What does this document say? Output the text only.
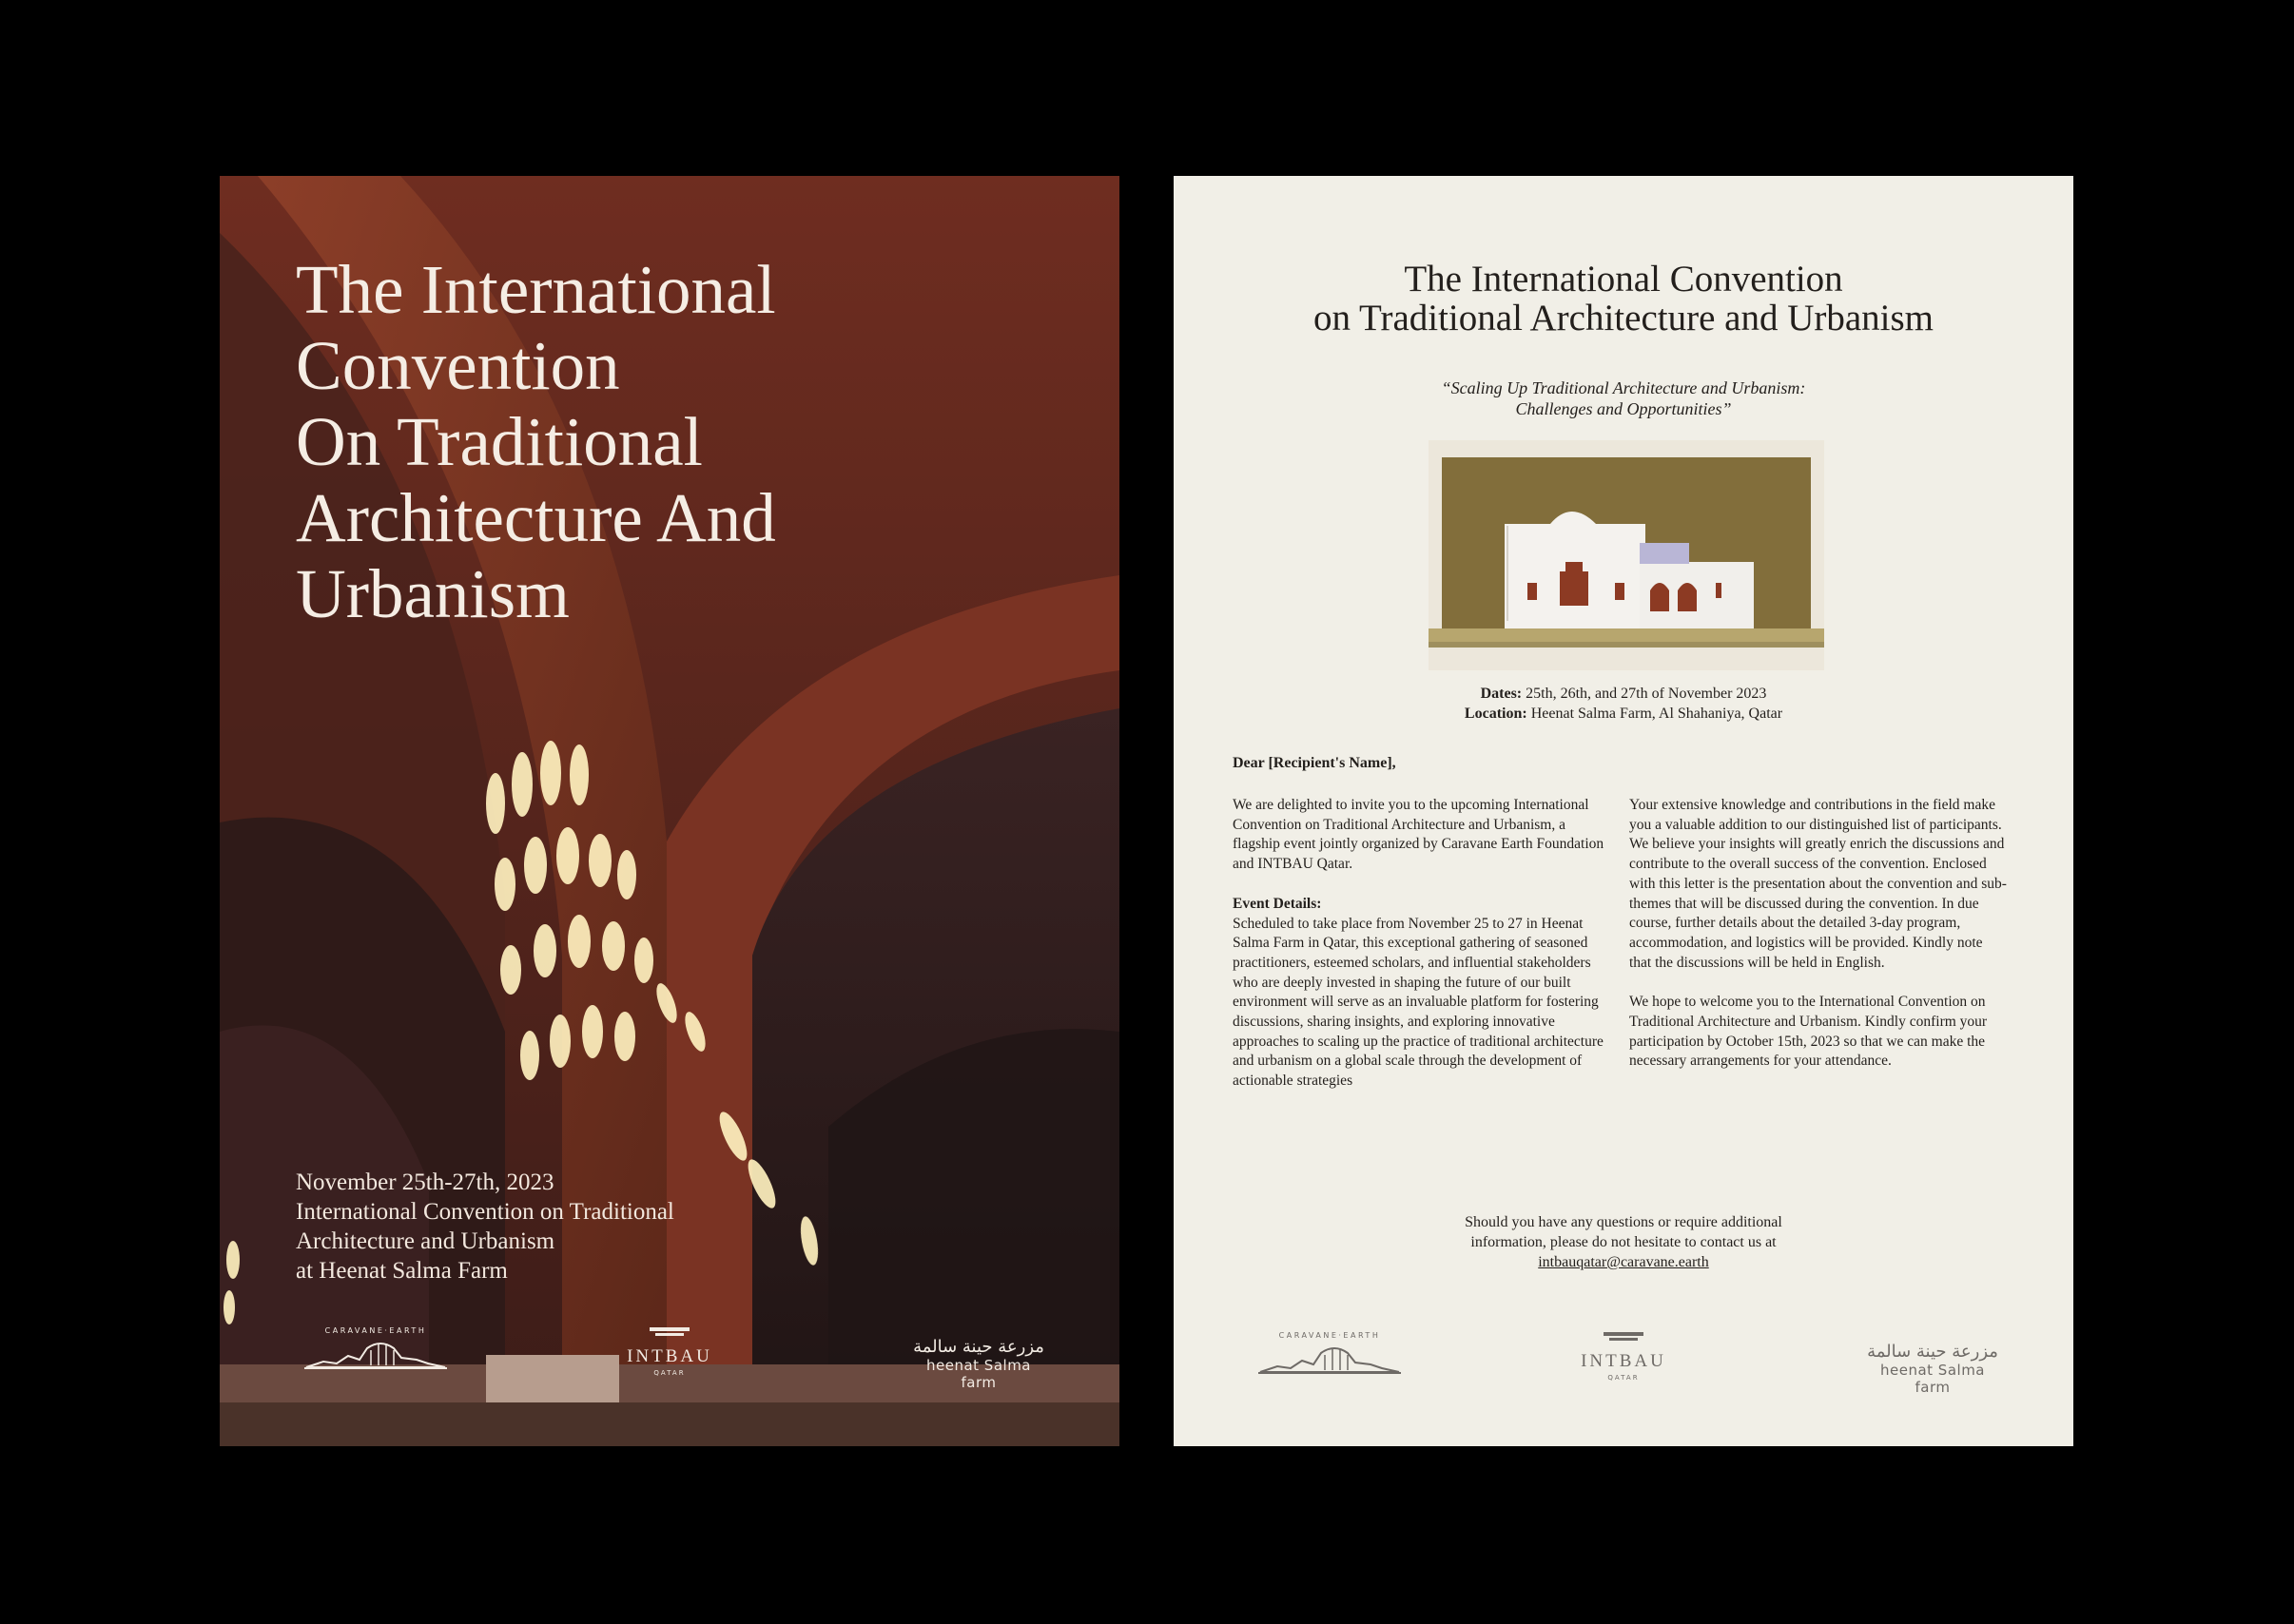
The International
Convention
On Traditional
Architecture And
Urbanism
November 25th-27th, 2023
International Convention on Traditional
Architecture and Urbanism
at Heenat Salma Farm
CARAVANE·EARTH
INTBAU
QATAR
مزرعة حينة سالمة
heenat Salma farm
The International Convention
on Traditional Architecture and Urbanism
“Scaling Up Traditional Architecture and Urbanism:
Challenges and Opportunities”
Dates: 25th, 26th, and 27th of November 2023
Location: Heenat Salma Farm, Al Shahaniya, Qatar
Dear [Recipient's Name],

We are delighted to invite you to the upcoming International Convention on Traditional Architecture and Urbanism, a flagship event jointly organized by Caravane Earth Foundation and INTBAU Qatar.

Event Details:
Scheduled to take place from November 25 to 27 in Heenat Salma Farm in Qatar, this exceptional gathering of seasoned practitioners, esteemed scholars, and influential stakeholders who are deeply invested in shaping the future of our built environment will serve as an invaluable platform for fostering discussions, sharing insights, and exploring innovative approaches to scaling up the practice of traditional architecture and urbanism on a global scale through the development of actionable strategies

Your extensive knowledge and contributions in the field make you a valuable addition to our distinguished list of participants. We believe your insights will greatly enrich the discussions and contribute to the overall success of the convention. Enclosed with this letter is the presentation about the convention and sub-themes that will be discussed during the convention. In due course, further details about the detailed 3-day program, accommodation, and logistics will be provided. Kindly note that the discussions will be held in English.

We hope to welcome you to the International Convention on Traditional Architecture and Urbanism. Kindly confirm your participation by October 15th, 2023 so that we can make the necessary arrangements for your attendance.

Should you have any questions or require additional
information, please do not hesitate to contact us at
intbauqatar@caravane.earth
CARAVANE·EARTH
INTBAU
QATAR
مزرعة حينة سالمة
heenat Salma farm
